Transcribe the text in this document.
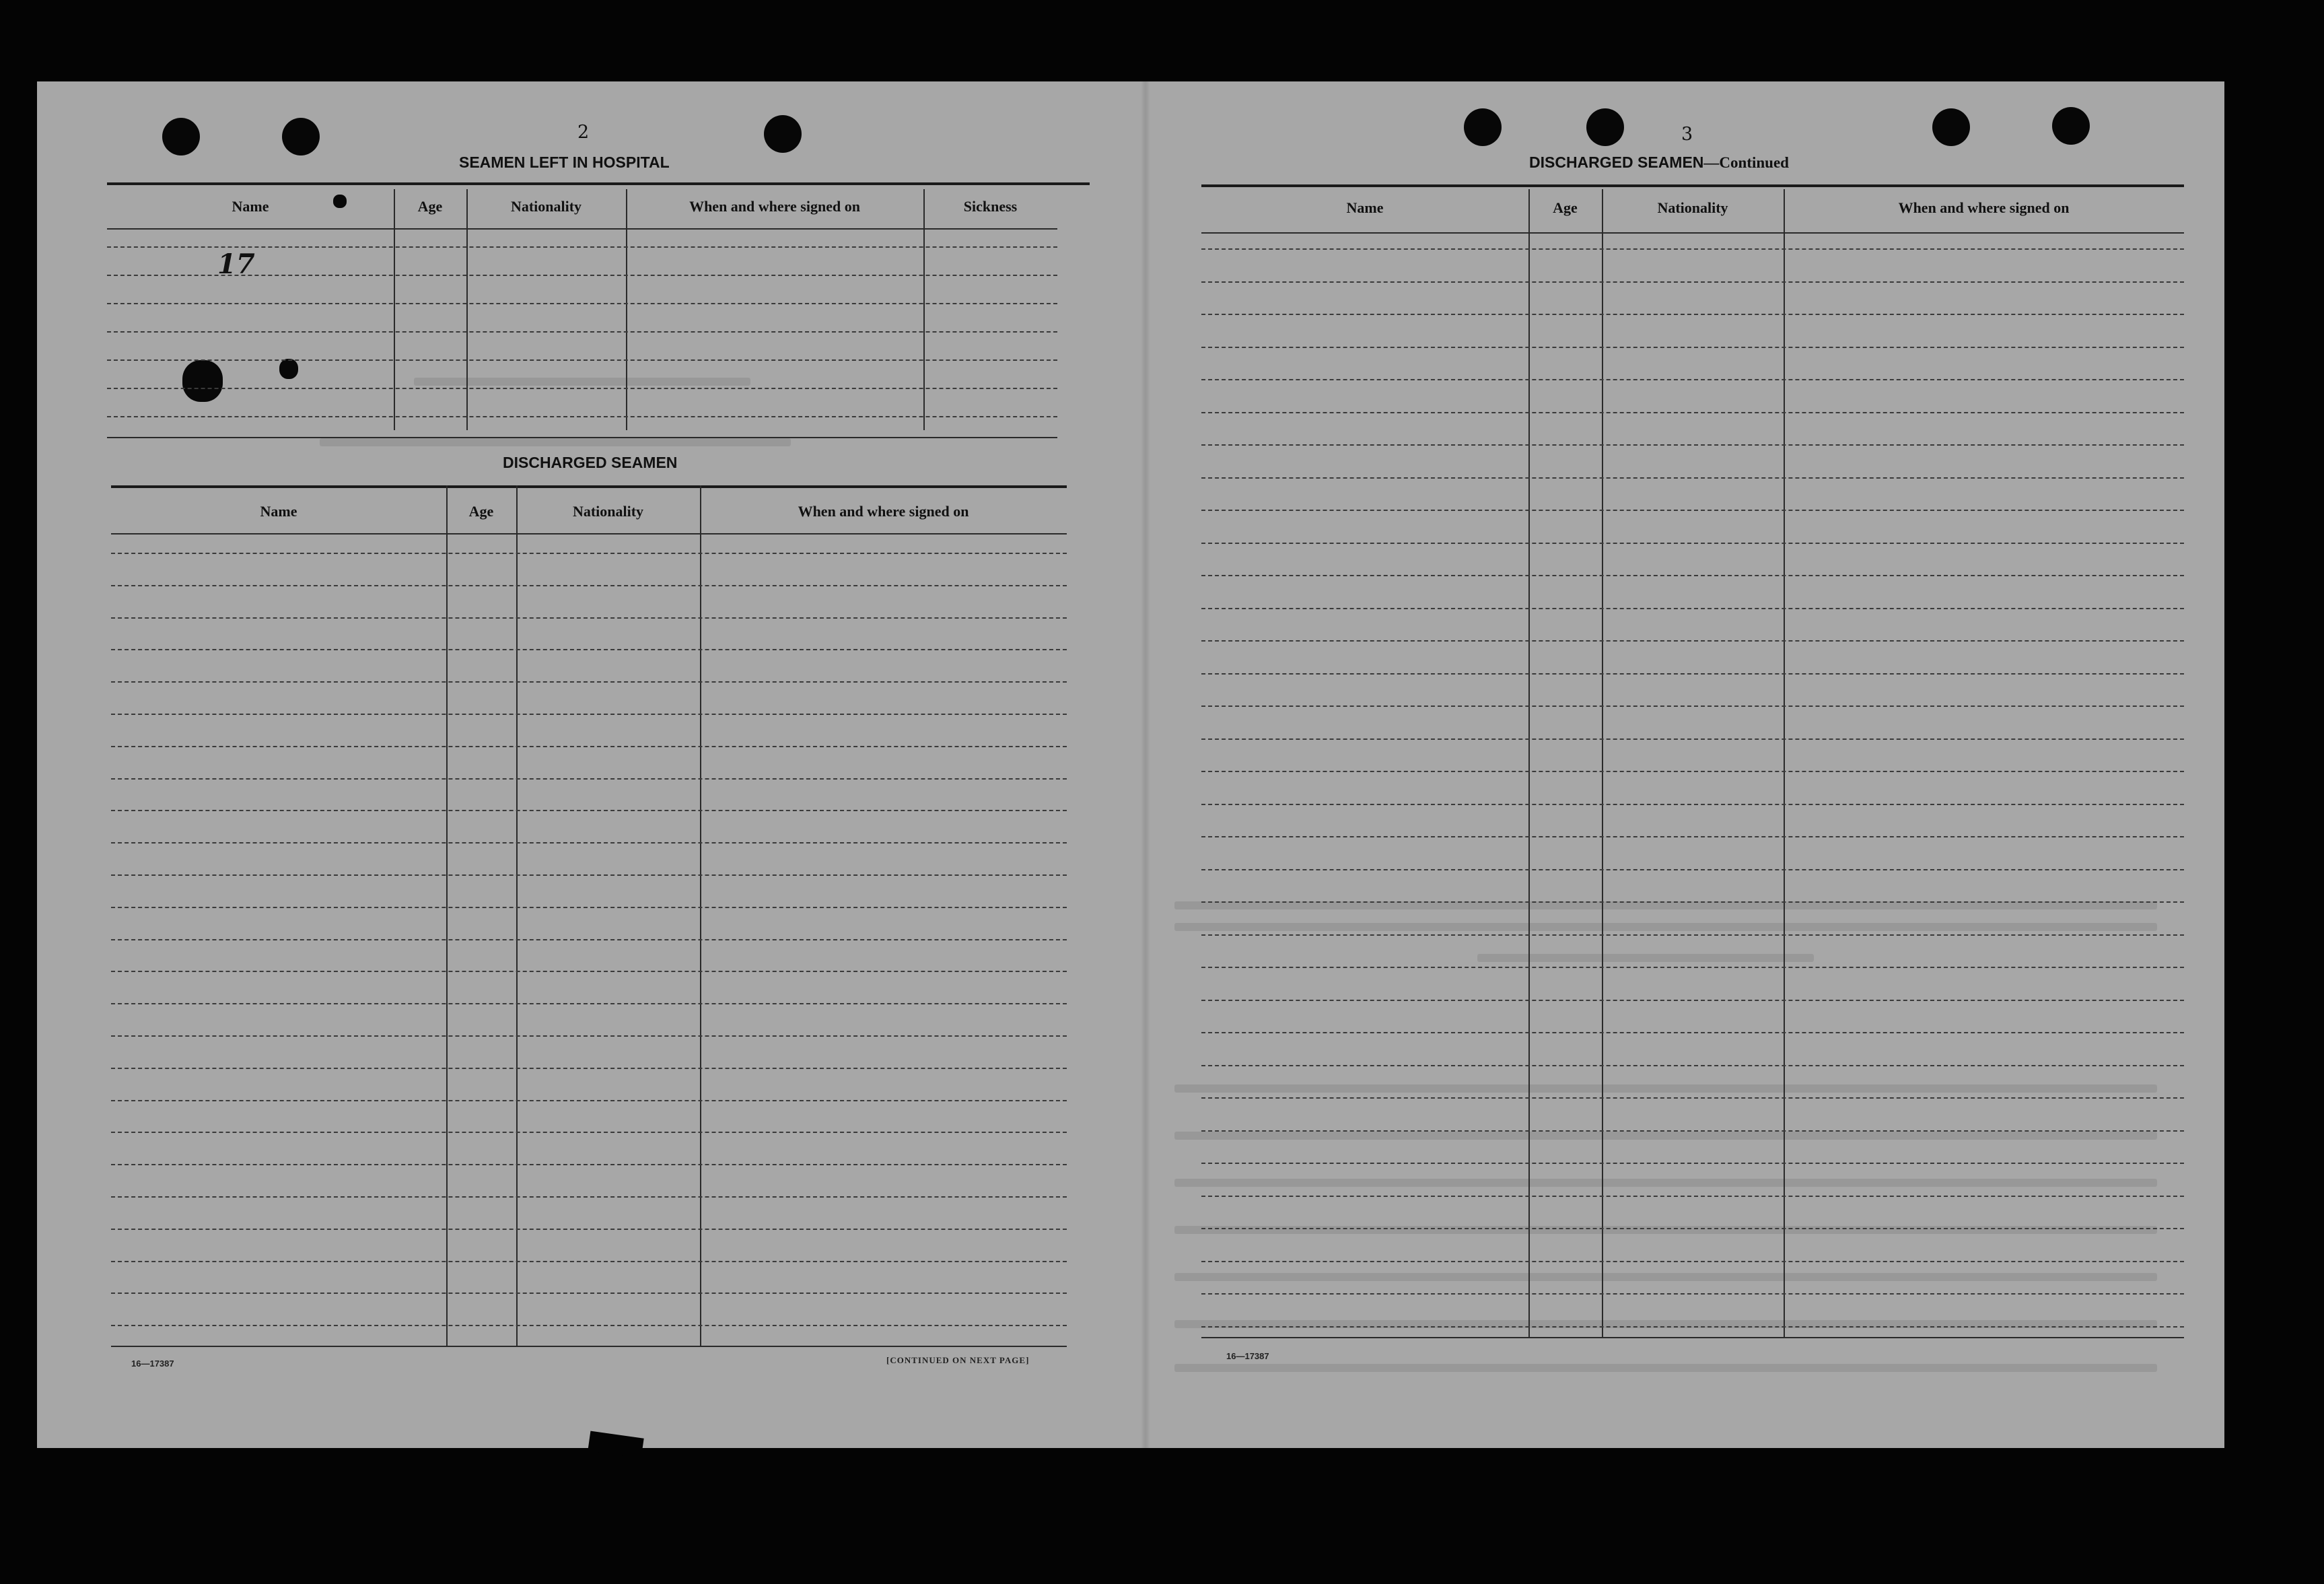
2
SEAMEN LEFT IN HOSPITAL
17
DISCHARGED SEAMEN
16—17387	[CONTINUED ON NEXT PAGE]
3
DISCHARGED SEAMEN—Continued
16—17387
Name	Age	Nationality	When and where signed on	Sickness
Name	Age	Nationality	When and where signed on
Name	Age	Nationality	When and where signed on
